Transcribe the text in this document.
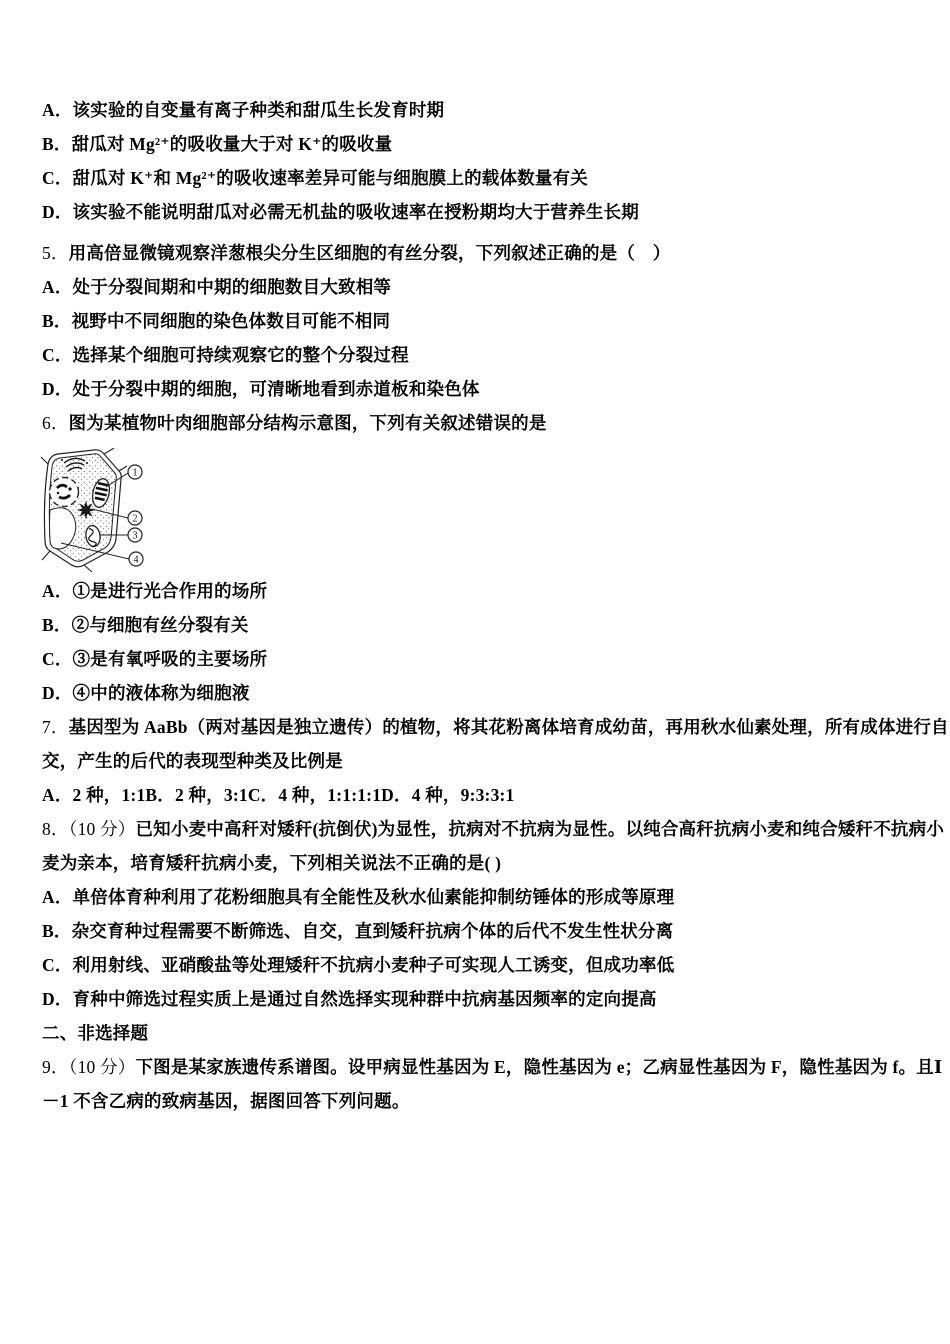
A．该实验的自变量有离子种类和甜瓜生长发育时期
B．甜瓜对 Mg²⁺的吸收量大于对 K⁺的吸收量
C．甜瓜对 K⁺和 Mg²⁺的吸收速率差异可能与细胞膜上的载体数量有关
D．该实验不能说明甜瓜对必需无机盐的吸收速率在授粉期均大于营养生长期
5．用高倍显微镜观察洋葱根尖分生区细胞的有丝分裂，下列叙述正确的是（　）
A．处于分裂间期和中期的细胞数目大致相等
B．视野中不同细胞的染色体数目可能不相同
C．选择某个细胞可持续观察它的整个分裂过程
D．处于分裂中期的细胞，可清晰地看到赤道板和染色体
6．图为某植物叶肉细胞部分结构示意图，下列有关叙述错误的是
1
2
3
4
A．①是进行光合作用的场所
B．②与细胞有丝分裂有关
C．③是有氧呼吸的主要场所
D．④中的液体称为细胞液
7．基因型为 AaBb（两对基因是独立遗传）的植物，将其花粉离体培育成幼苗，再用秋水仙素处理，所有成体进行自
交，产生的后代的表现型种类及比例是
A．2 种，1:1B．2 种，3:1C．4 种，1:1:1:1D．4 种，9:3:3:1
8．（10 分）已知小麦中高秆对矮秆(抗倒伏)为显性，抗病对不抗病为显性。以纯合高秆抗病小麦和纯合矮秆不抗病小
麦为亲本，培育矮秆抗病小麦，下列相关说法不正确的是( )
A．单倍体育种利用了花粉细胞具有全能性及秋水仙素能抑制纺锤体的形成等原理
B．杂交育种过程需要不断筛选、自交，直到矮秆抗病个体的后代不发生性状分离
C．利用射线、亚硝酸盐等处理矮秆不抗病小麦种子可实现人工诱变，但成功率低
D．育种中筛选过程实质上是通过自然选择实现种群中抗病基因频率的定向提高
二、非选择题
9．（10 分）下图是某家族遗传系谱图。设甲病显性基因为 E，隐性基因为 e；乙病显性基因为 F，隐性基因为 f。且Ⅰ
－1 不含乙病的致病基因，据图回答下列问题。
